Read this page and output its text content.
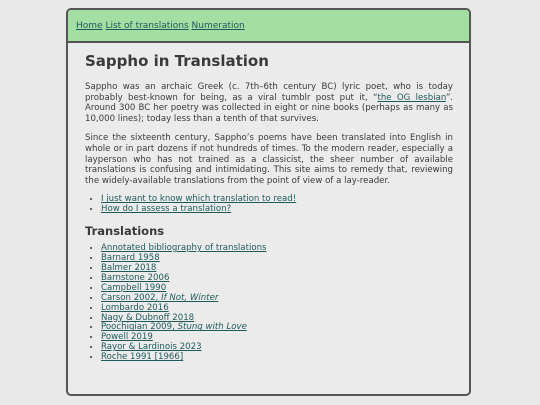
Home List of translations Numeration
Sappho in Translation

Sappho was an archaic Greek (c. 7th–6th century BC) lyric poet, who is today probably best-known for being, as a viral tumblr post put it, “the OG lesbian”. Around 300 BC her poetry was collected in eight or nine books (perhaps as many as 10,000 lines); today less than a tenth of that survives.

Since the sixteenth century, Sappho’s poems have been translated into English in whole or in part dozens if not hundreds of times. To the modern reader, especially a layperson who has not trained as a classicist, the sheer number of available translations is confusing and intimidating. This site aims to remedy that, reviewing the widely-available translations from the point of view of a lay-reader.

• I just want to know which translation to read!
• How do I assess a translation?
Translations
• Annotated bibliography of translations
• Barnard 1958
• Balmer 2018
• Barnstone 2006
• Campbell 1990
• Carson 2002, If Not, Winter
• Lombardo 2016
• Nagy & Dubnoff 2018
• Poochigian 2009, Stung with Love
• Powell 2019
• Rayor & Lardinois 2023
• Roche 1991 [1966]
